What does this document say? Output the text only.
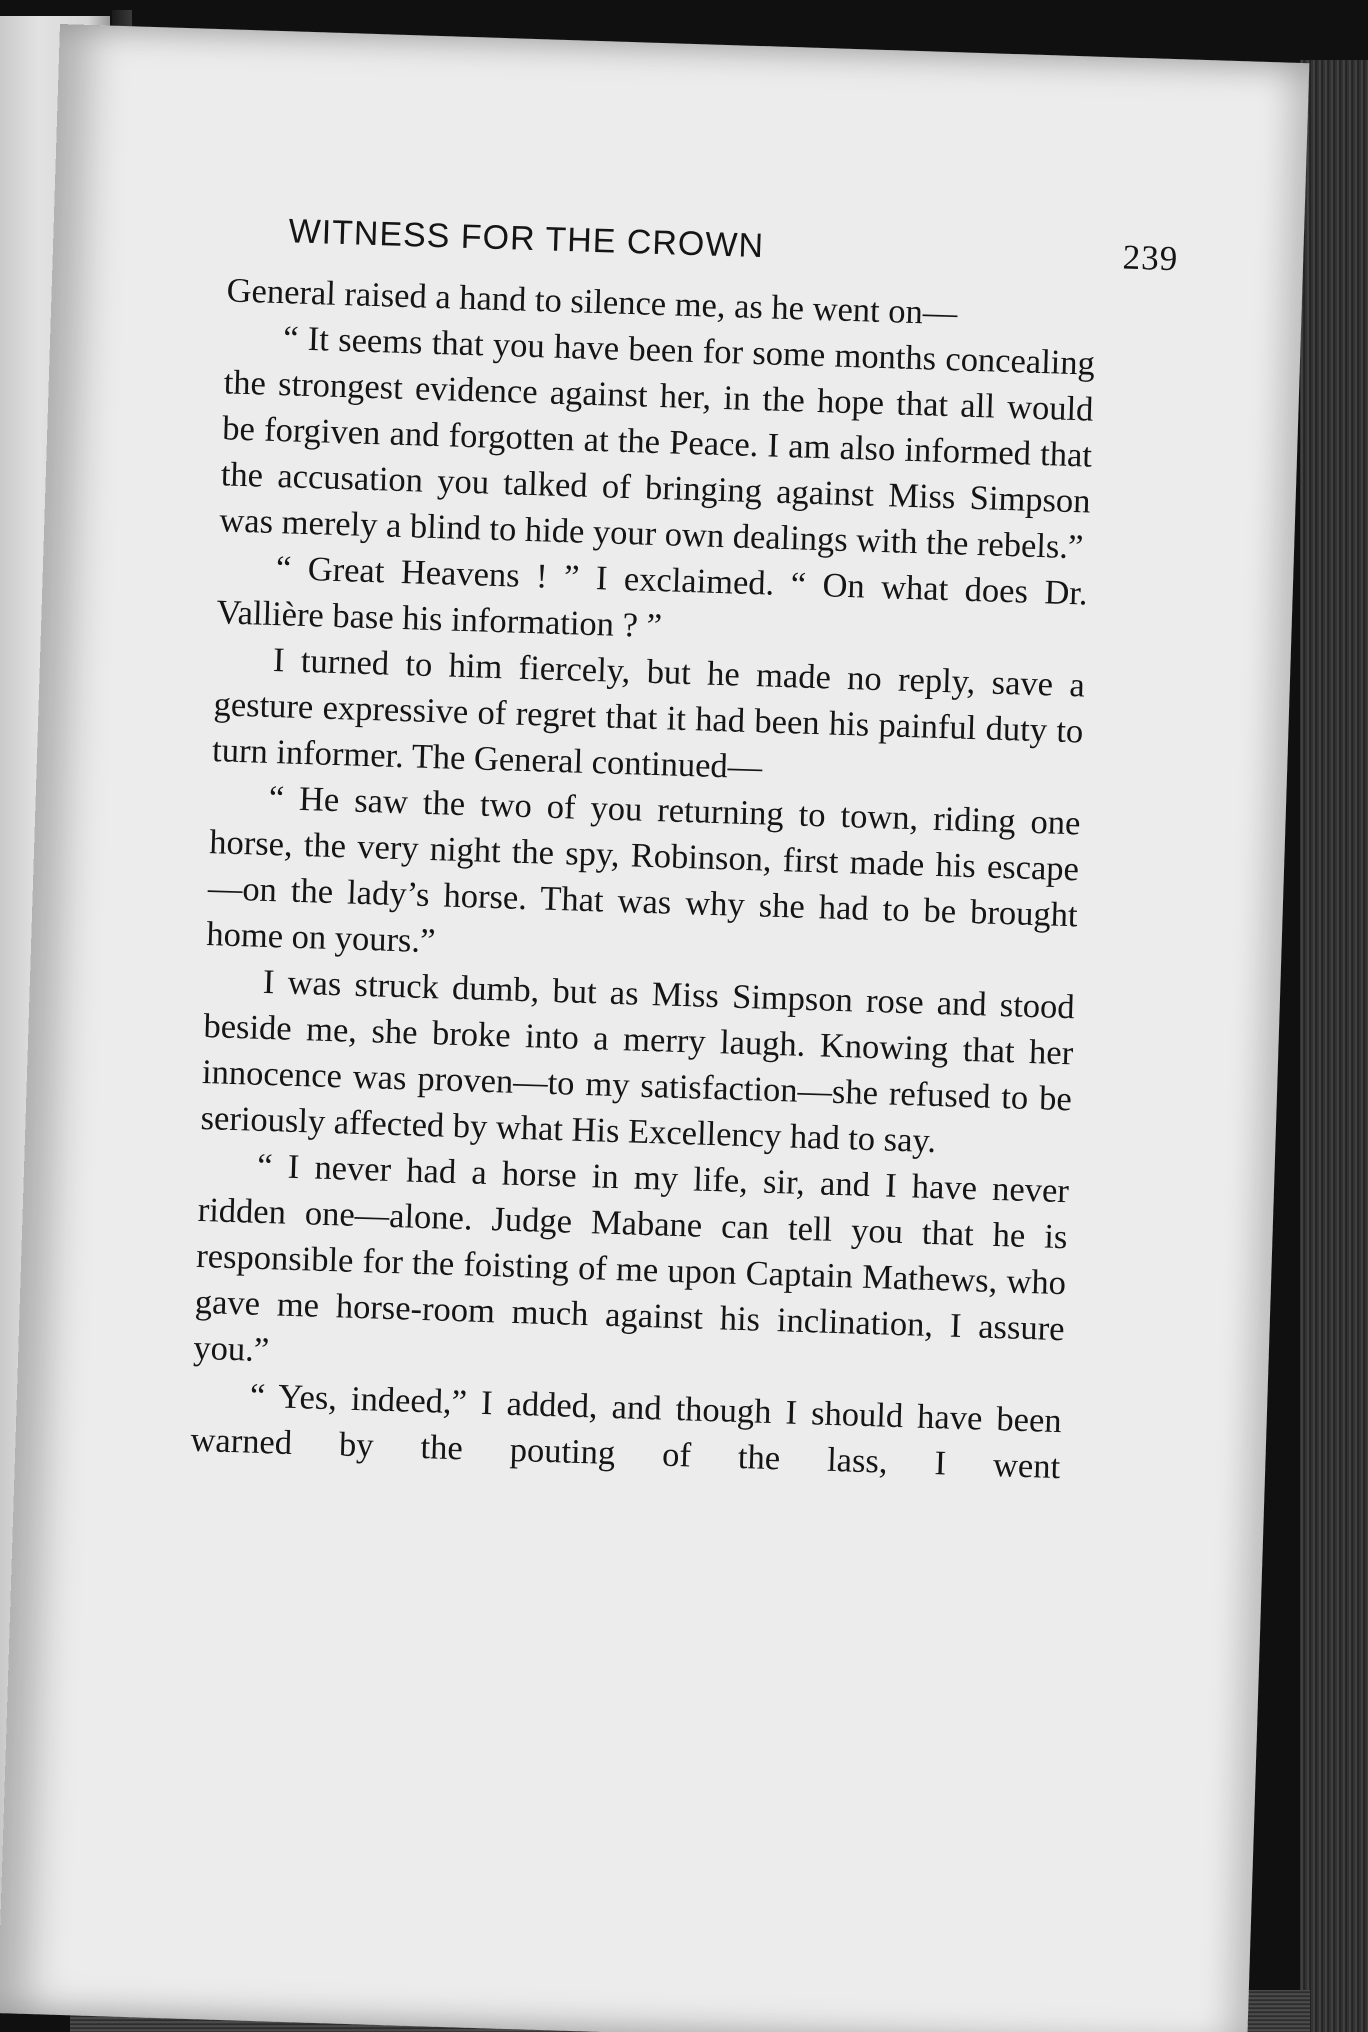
WITNESS FOR THE CROWN	239

General raised a hand to silence me, as he went on—

“ It seems that you have been for some months concealing the strongest evidence against her, in the hope that all would be forgiven and forgotten at the Peace. I am also informed that the accusation you talked of bringing against Miss Simpson was merely a blind to hide your own dealings with the rebels.”

“ Great Heavens ! ” I exclaimed. “ On what does Dr. Vallière base his information ? ”

I turned to him fiercely, but he made no reply, save a gesture expressive of regret that it had been his painful duty to turn informer. The General continued—

“ He saw the two of you returning to town, riding one horse, the very night the spy, Robinson, first made his escape—on the lady’s horse. That was why she had to be brought home on yours.”

I was struck dumb, but as Miss Simpson rose and stood beside me, she broke into a merry laugh. Knowing that her innocence was proven—to my satisfaction—she refused to be seriously affected by what His Excellency had to say.

“ I never had a horse in my life, sir, and I have never ridden one—alone. Judge Mabane can tell you that he is responsible for the foisting of me upon Captain Mathews, who gave me horse-room much against his inclination, I assure you.”

“ Yes, indeed,” I added, and though I should have been warned by the pouting of the lass, I went
